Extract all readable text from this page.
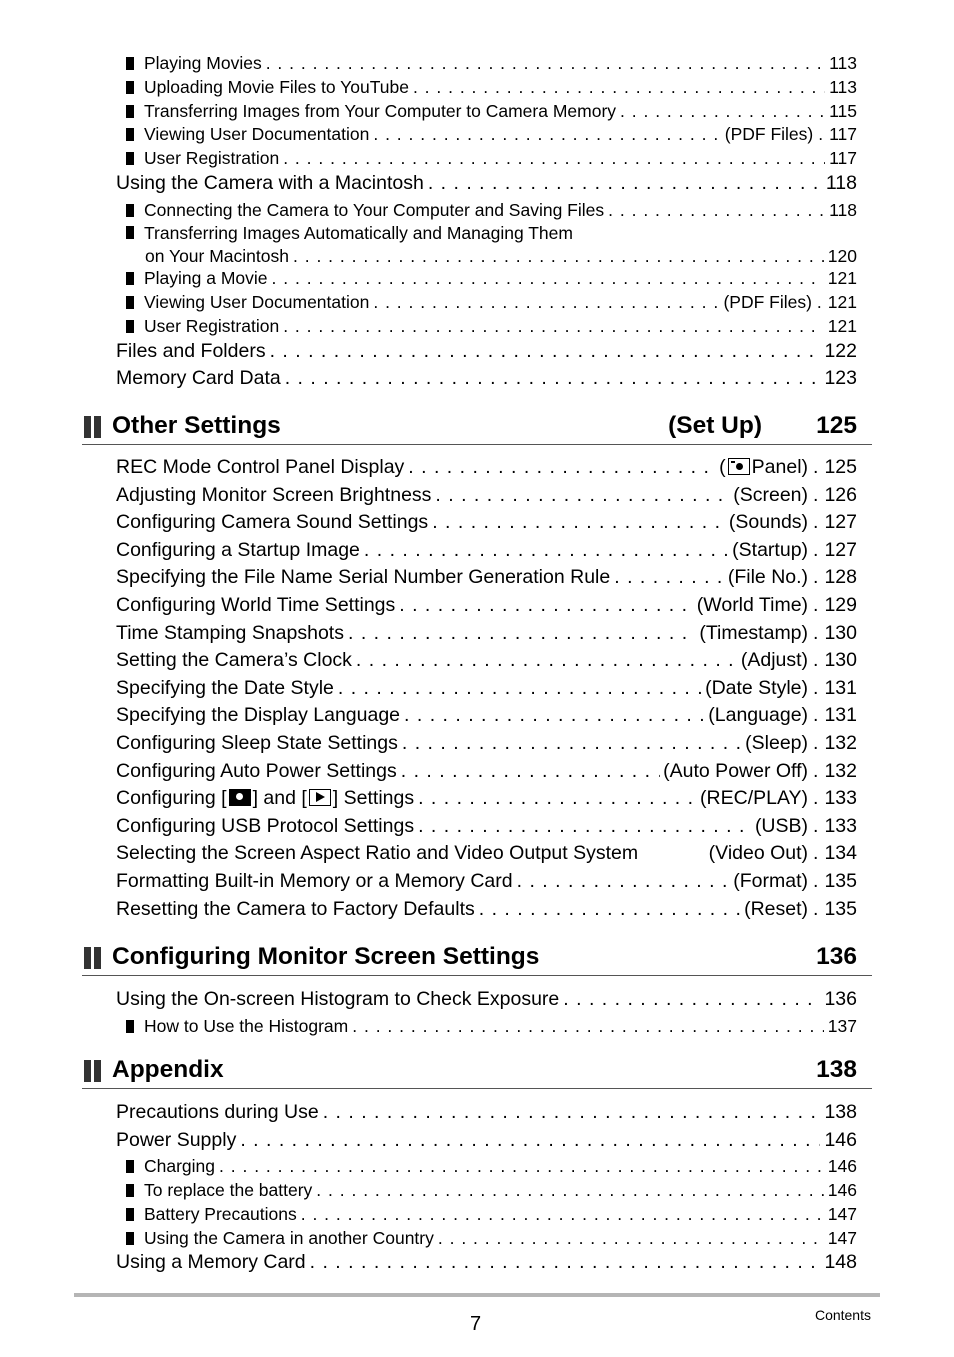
Playing Movies . . .	113
Uploading Movie Files to YouTube . . .	113
Transferring Images from Your Computer to Camera Memory . . .	115
Viewing User Documentation . . .	(PDF Files) . 117
User Registration . . .	117
Using the Camera with a Macintosh . . .	118
Connecting the Camera to Your Computer and Saving Files . . .	118
Transferring Images Automatically and Managing Them
on Your Macintosh . . .	120
Playing a Movie . . .	121
Viewing User Documentation . . .	(PDF Files) . 121
User Registration . . .	121
Files and Folders . . .	122
Memory Card Data . . .	123
Other Settings	(Set Up) 125
REC Mode Control Panel Display . . .	( Panel) . 125
Adjusting Monitor Screen Brightness . . .	(Screen) . 126
Configuring Camera Sound Settings . . .	(Sounds) . 127
Configuring a Startup Image . . .	(Startup) . 127
Specifying the File Name Serial Number Generation Rule . . .	(File No.) . 128
Configuring World Time Settings . . .	(World Time) . 129
Time Stamping Snapshots . . .	(Timestamp) . 130
Setting the Camera’s Clock . . .	(Adjust) . 130
Specifying the Date Style . . .	(Date Style) . 131
Specifying the Display Language . . .	(Language) . 131
Configuring Sleep State Settings . . .	(Sleep) . 132
Configuring Auto Power Settings . . .	(Auto Power Off) . 132
Configuring [ ] and [ ] Settings . . .	(REC/PLAY) . 133
Configuring USB Protocol Settings . . .	(USB) . 133
Selecting the Screen Aspect Ratio and Video Output System	(Video Out) . 134
Formatting Built-in Memory or a Memory Card . . .	(Format) . 135
Resetting the Camera to Factory Defaults . . .	(Reset) . 135
Configuring Monitor Screen Settings	136
Using the On-screen Histogram to Check Exposure . . .	136
How to Use the Histogram . . .	137
Appendix	138
Precautions during Use . . .	138
Power Supply . . .	146
Charging . . .	146
To replace the battery . . .	146
Battery Precautions . . .	147
Using the Camera in another Country . . .	147
Using a Memory Card . . .	148
7	Contents
